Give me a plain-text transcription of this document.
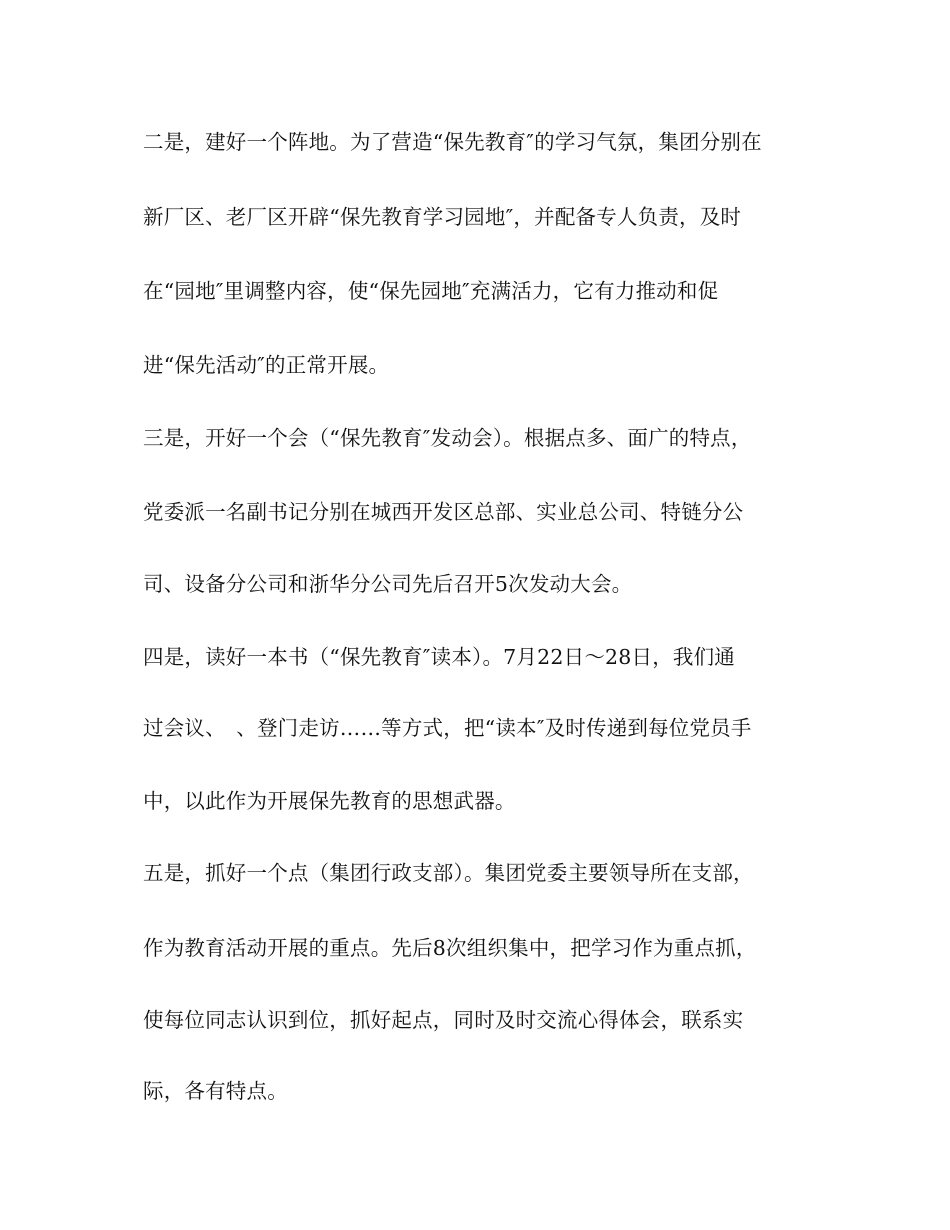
二是，建好一个阵地。为了营造“保先教育″的学习气氛，集团分别在
新厂区、老厂区开辟“保先教育学习园地″，并配备专人负责，及时
在“园地″里调整内容，使“保先园地″充满活力，它有力推动和促
进“保先活动″的正常开展。
三是，开好一个会（“保先教育″发动会）。根据点多、面广的特点，
党委派一名副书记分别在城西开发区总部、实业总公司、特链分公
司、设备分公司和浙华分公司先后召开5次发动大会。
四是，读好一本书（“保先教育″读本）。7月22日～28日，我们通
过会议、　、登门走访……等方式，把“读本″及时传递到每位党员手
中，以此作为开展保先教育的思想武器。
五是，抓好一个点（集团行政支部）。集团党委主要领导所在支部，
作为教育活动开展的重点。先后8次组织集中，把学习作为重点抓，
使每位同志认识到位，抓好起点，同时及时交流心得体会，联系实
际，各有特点。
